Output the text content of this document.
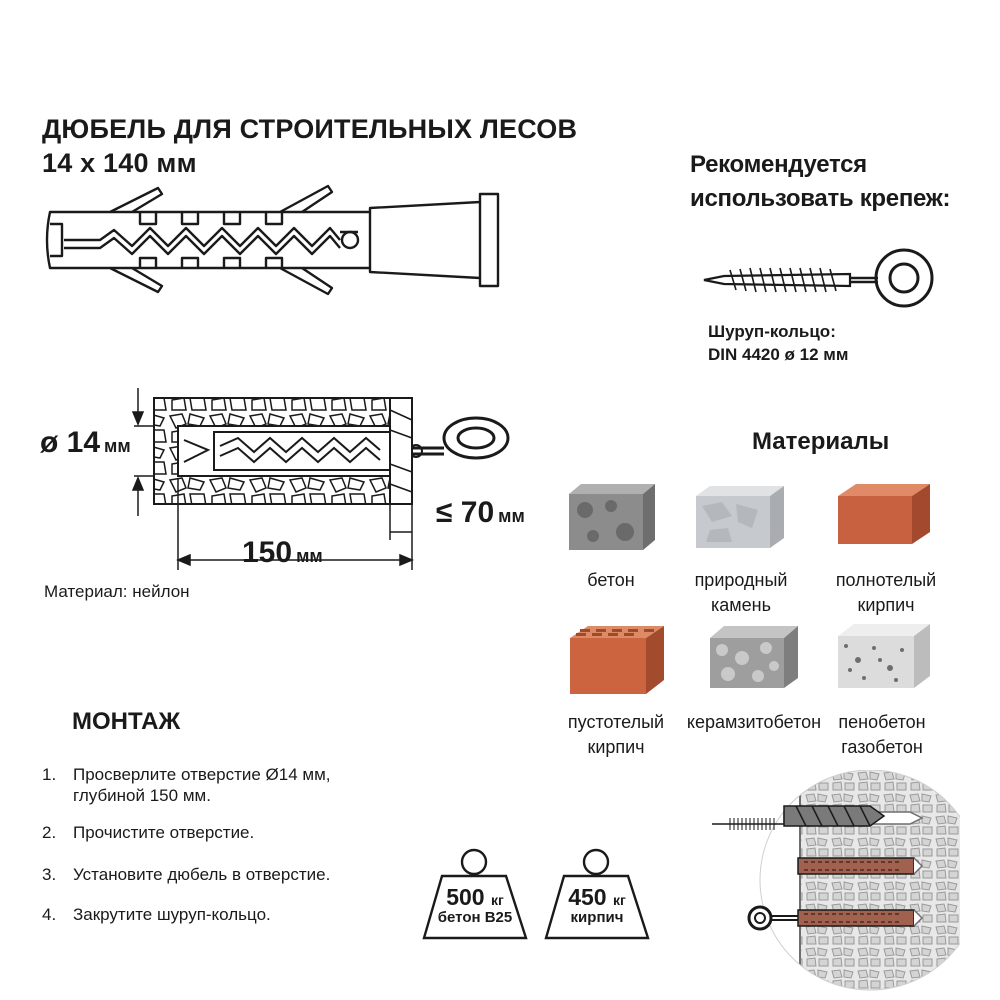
ДЮБЕЛЬ ДЛЯ СТРОИТЕЛЬНЫХ ЛЕСОВ
14 x 140 мм	Рекомендуется
использовать крепеж:
Шуруп-кольцо:
DIN 4420 ø 12 мм
ø 14 мм
150 мм
≤ 70 мм
Материал: нейлон
Материалы
бетон	природный
камень
полнотелый
кирпич
пустотелый
кирпич
керамзитобетон пенобетон
газобетон
МОНТАЖ
1. Просверлите отверстие Ø14 мм,
глубиной 150 мм.
2. Прочистите отверстие.
3. Установите дюбель в отверстие.
4. Закрутите шуруп-кольцо.
500 кг
бетон B25
450 кг
кирпич
